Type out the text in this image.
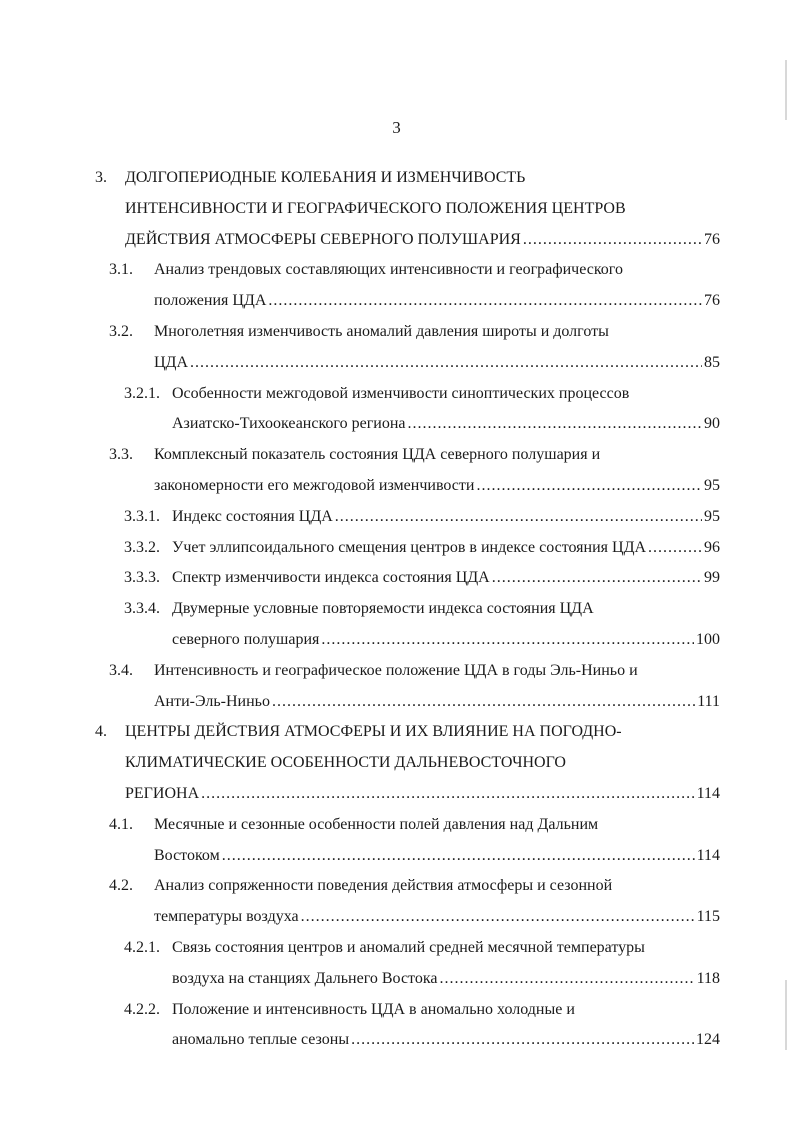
3
3. ДОЛГОПЕРИОДНЫЕ КОЛЕБАНИЯ И ИЗМЕНЧИВОСТЬ
ИНТЕНСИВНОСТИ И ГЕОГРАФИЧЕСКОГО ПОЛОЖЕНИЯ ЦЕНТРОВ
ДЕЙСТВИЯ АТМОСФЕРЫ СЕВЕРНОГО ПОЛУШАРИЯ .....	76
3.1. Анализ трендовых составляющих интенсивности и географического
положения ЦДА .....	76
3.2. Многолетняя изменчивость аномалий давления широты и долготы
ЦДА .....	85
3.2.1. Особенности межгодовой изменчивости синоптических процессов
Азиатско-Тихоокеанского региона .....	90
3.3. Комплексный показатель состояния ЦДА северного полушария и
закономерности его межгодовой изменчивости .....	95
3.3.1. Индекс состояния ЦДА .....	95
3.3.2. Учет эллипсоидального смещения центров в индексе состояния ЦДА .....	96
3.3.3. Спектр изменчивости индекса состояния ЦДА .....	99
3.3.4. Двумерные условные повторяемости индекса состояния ЦДА
северного полушария .....	100
3.4. Интенсивность и географическое положение ЦДА в годы Эль-Ниньо и
Анти-Эль-Ниньо .....	111
4. ЦЕНТРЫ ДЕЙСТВИЯ АТМОСФЕРЫ И ИХ ВЛИЯНИЕ НА ПОГОДНО-
КЛИМАТИЧЕСКИЕ ОСОБЕННОСТИ ДАЛЬНЕВОСТОЧНОГО
РЕГИОНА .....	114
4.1. Месячные и сезонные особенности полей давления над Дальним
Востоком .....	114
4.2. Анализ сопряженности поведения действия атмосферы и сезонной
температуры воздуха .....	115
4.2.1. Связь состояния центров и аномалий средней месячной температуры
воздуха на станциях Дальнего Востока .....	118
4.2.2. Положение и интенсивность ЦДА в аномально холодные и
аномально теплые сезоны .....	124
